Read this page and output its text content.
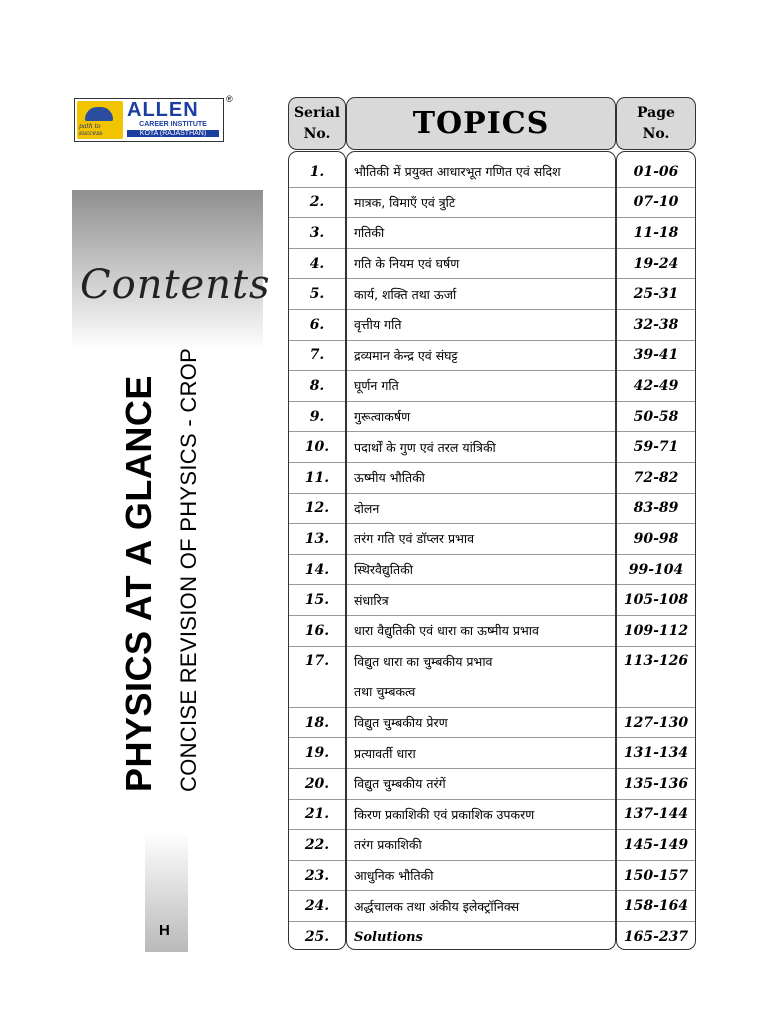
path to success
ALLEN
CAREER INSTITUTE
KOTA (RAJASTHAN)
®
Contents
PHYSICS AT A GLANCE CONCISE REVISION OF PHYSICS - CROP
H
Serial
No.	TOPICS	Page
No.
1.
2.
3.
4.
5.
6.
7.
8.
9.
10.
11.
12.
13.
14.
15.
16.
17.
18.
19.
20.
21.
22.
23.
24.
25.
भौतिकी में प्रयुक्त आधारभूत गणित एवं सदिश
मात्रक, विमाएँ एवं त्रुटि
गतिकी
गति के नियम एवं घर्षण
कार्य, शक्ति तथा ऊर्जा
वृत्तीय गति
द्रव्यमान केन्द्र एवं संघट्ट
घूर्णन गति
गुरूत्वाकर्षण
पदार्थों के गुण एवं तरल यांत्रिकी
ऊष्मीय भौतिकी
दोलन
तरंग गति एवं डॉप्लर प्रभाव
स्थिरवैद्युतिकी
संधारित्र
धारा वैद्युतिकी एवं धारा का ऊष्मीय प्रभाव
विद्युत धारा का चुम्बकीय प्रभाव
तथा चुम्बकत्व
विद्युत चुम्बकीय प्रेरण
प्रत्यावर्ती धारा
विद्युत चुम्बकीय तरंगें
किरण प्रकाशिकी एवं प्रकाशिक उपकरण
तरंग प्रकाशिकी
आधुनिक भौतिकी
अर्द्धचालक तथा अंकीय इलेक्ट्रॉनिक्स
Solutions
01-06
07-10
11-18
19-24
25-31
32-38
39-41
42-49
50-58
59-71
72-82
83-89
90-98
99-104
105-108
109-112
113-126
127-130
131-134
135-136
137-144
145-149
150-157
158-164
165-237
